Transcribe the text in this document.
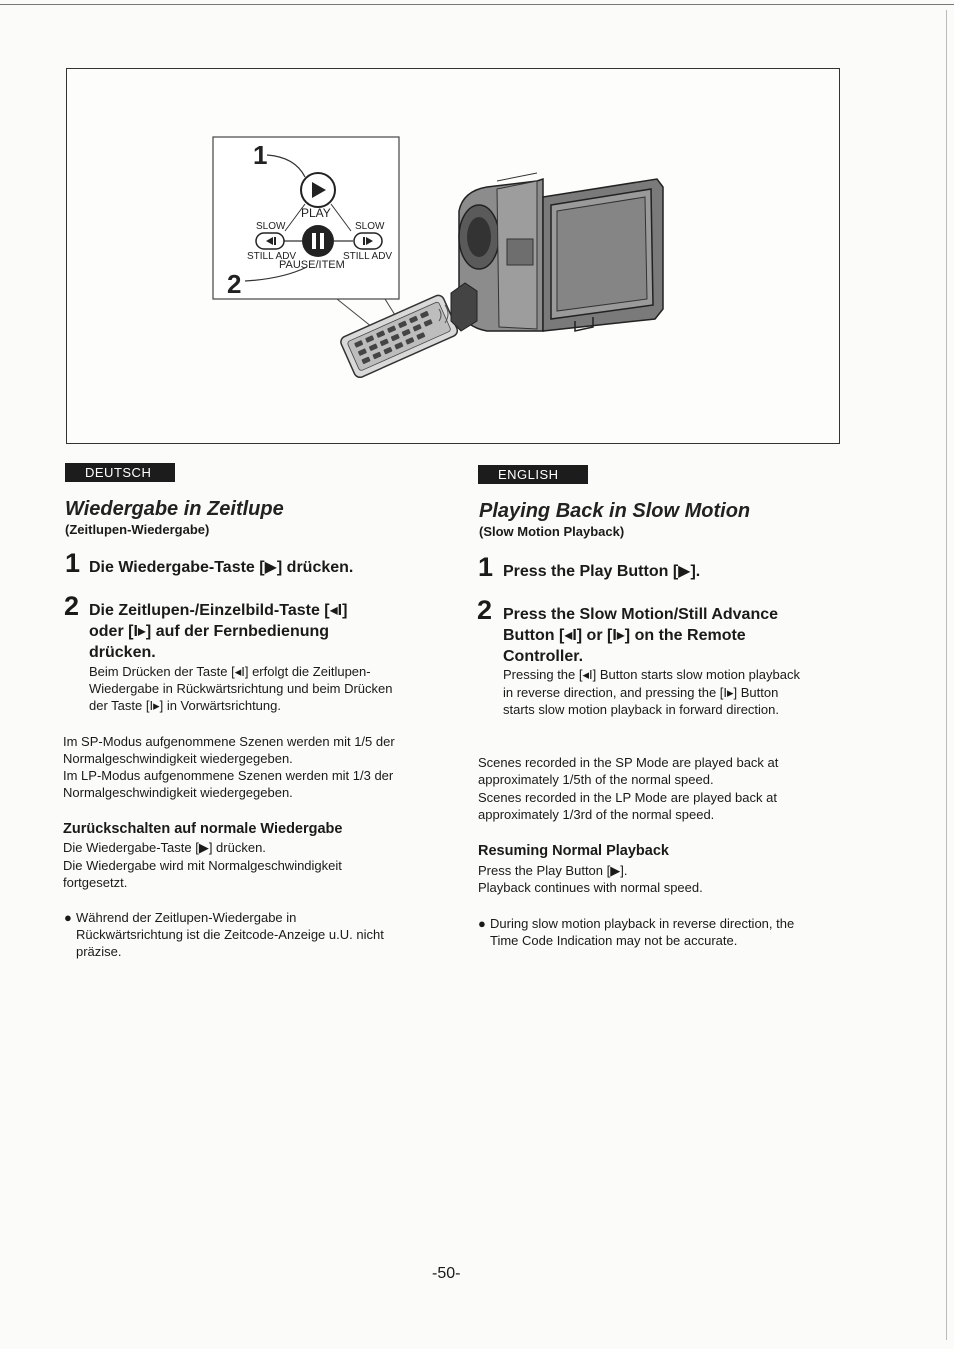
1
PLAY
SLOW
STILL ADV
SLOW
STILL ADV
PAUSE/ITEM
2
DEUTSCH
Wiedergabe in Zeitlupe
(Zeitlupen-Wiedergabe)
1 Die Wiedergabe-Taste [▶] drücken.
2 Die Zeitlupen-/Einzelbild-Taste [◂I]
oder [I▸] auf der Fernbedienung
drücken.
Beim Drücken der Taste [◂I] erfolgt die Zeitlupen-
Wiedergabe in Rückwärtsrichtung und beim Drücken
der Taste [I▸] in Vorwärtsrichtung.
Im SP-Modus aufgenommene Szenen werden mit 1/5 der
Normalgeschwindigkeit wiedergegeben.
Im LP-Modus aufgenommene Szenen werden mit 1/3 der
Normalgeschwindigkeit wiedergegeben.
Zurückschalten auf normale Wiedergabe
Die Wiedergabe-Taste [▶] drücken.
Die Wiedergabe wird mit Normalgeschwindigkeit
fortgesetzt.
● Während der Zeitlupen-Wiedergabe in
Rückwärtsrichtung ist die Zeitcode-Anzeige u.U. nicht
präzise.
ENGLISH
Playing Back in Slow Motion
(Slow Motion Playback)
1 Press the Play Button [▶].
2 Press the Slow Motion/Still Advance
Button [◂I] or [I▸] on the Remote
Controller.
Pressing the [◂I] Button starts slow motion playback
in reverse direction, and pressing the [I▸] Button
starts slow motion playback in forward direction.
Scenes recorded in the SP Mode are played back at
approximately 1/5th of the normal speed.
Scenes recorded in the LP Mode are played back at
approximately 1/3rd of the normal speed.
Resuming Normal Playback
Press the Play Button [▶].
Playback continues with normal speed.
● During slow motion playback in reverse direction, the
Time Code Indication may not be accurate.
-50-
